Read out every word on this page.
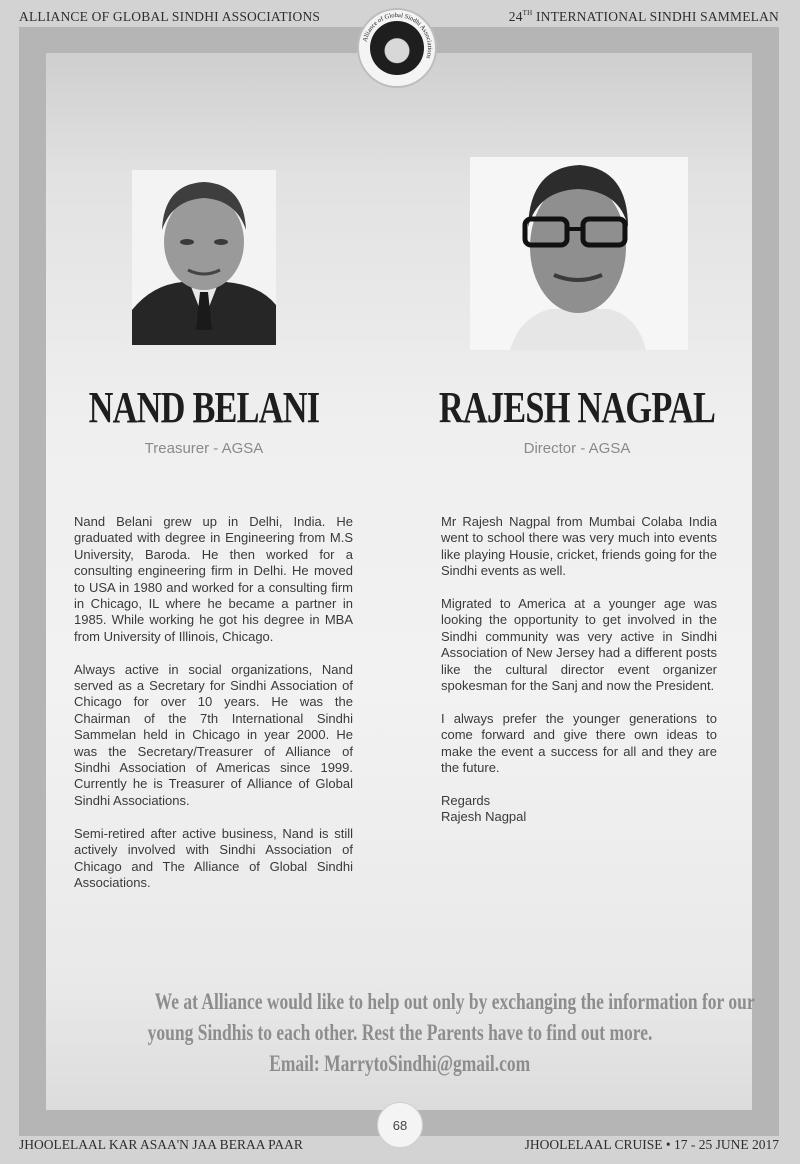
ALLIANCE OF GLOBAL SINDHI ASSOCIATIONS	24TH INTERNATIONAL SINDHI SAMMELAN
Alliance of Global Sindhi Associations
NAND BELANI
Treasurer - AGSA

Nand Belani grew up in Delhi, India. He graduated with degree in Engineering from M.S University, Baroda. He then worked for a consulting engineering firm in Delhi. He moved to USA in 1980 and worked for a consulting firm in Chicago, IL where he became a partner in 1985. While working he got his degree in MBA from University of Illinois, Chicago.

Always active in social organizations, Nand served as a Secretary for Sindhi Association of Chicago for over 10 years. He was the Chairman of the 7th International Sindhi Sammelan held in Chicago in year 2000. He was the Secretary/Treasurer of Alliance of Sindhi Association of Americas since 1999. Currently he is Treasurer of Alliance of Global Sindhi Associations.

Semi-retired after active business, Nand is still actively involved with Sindhi Association of Chicago and The Alliance of Global Sindhi Associations.

RAJESH NAGPAL
Director - AGSA

Mr Rajesh Nagpal from Mumbai Colaba India went to school there was very much into events like playing Housie, cricket, friends going for the Sindhi events as well.

Migrated to America at a younger age was looking the opportunity to get involved in the Sindhi community was very active in Sindhi Association of New Jersey had a different posts like the cultural director event organizer spokesman for the Sanj and now the President.

I always prefer the younger generations to come forward and give there own ideas to make the event a success for all and they are the future.

Regards

Rajesh Nagpal

We at Alliance would like to help out only by exchanging the information for our
young Sindhis to each other. Rest the Parents have to find out more.
Email: MarrytoSindhi@gmail.com
68
JHOOLELAAL KAR ASAA'N JAA BERAA PAAR	JHOOLELAAL CRUISE • 17 - 25 JUNE 2017
